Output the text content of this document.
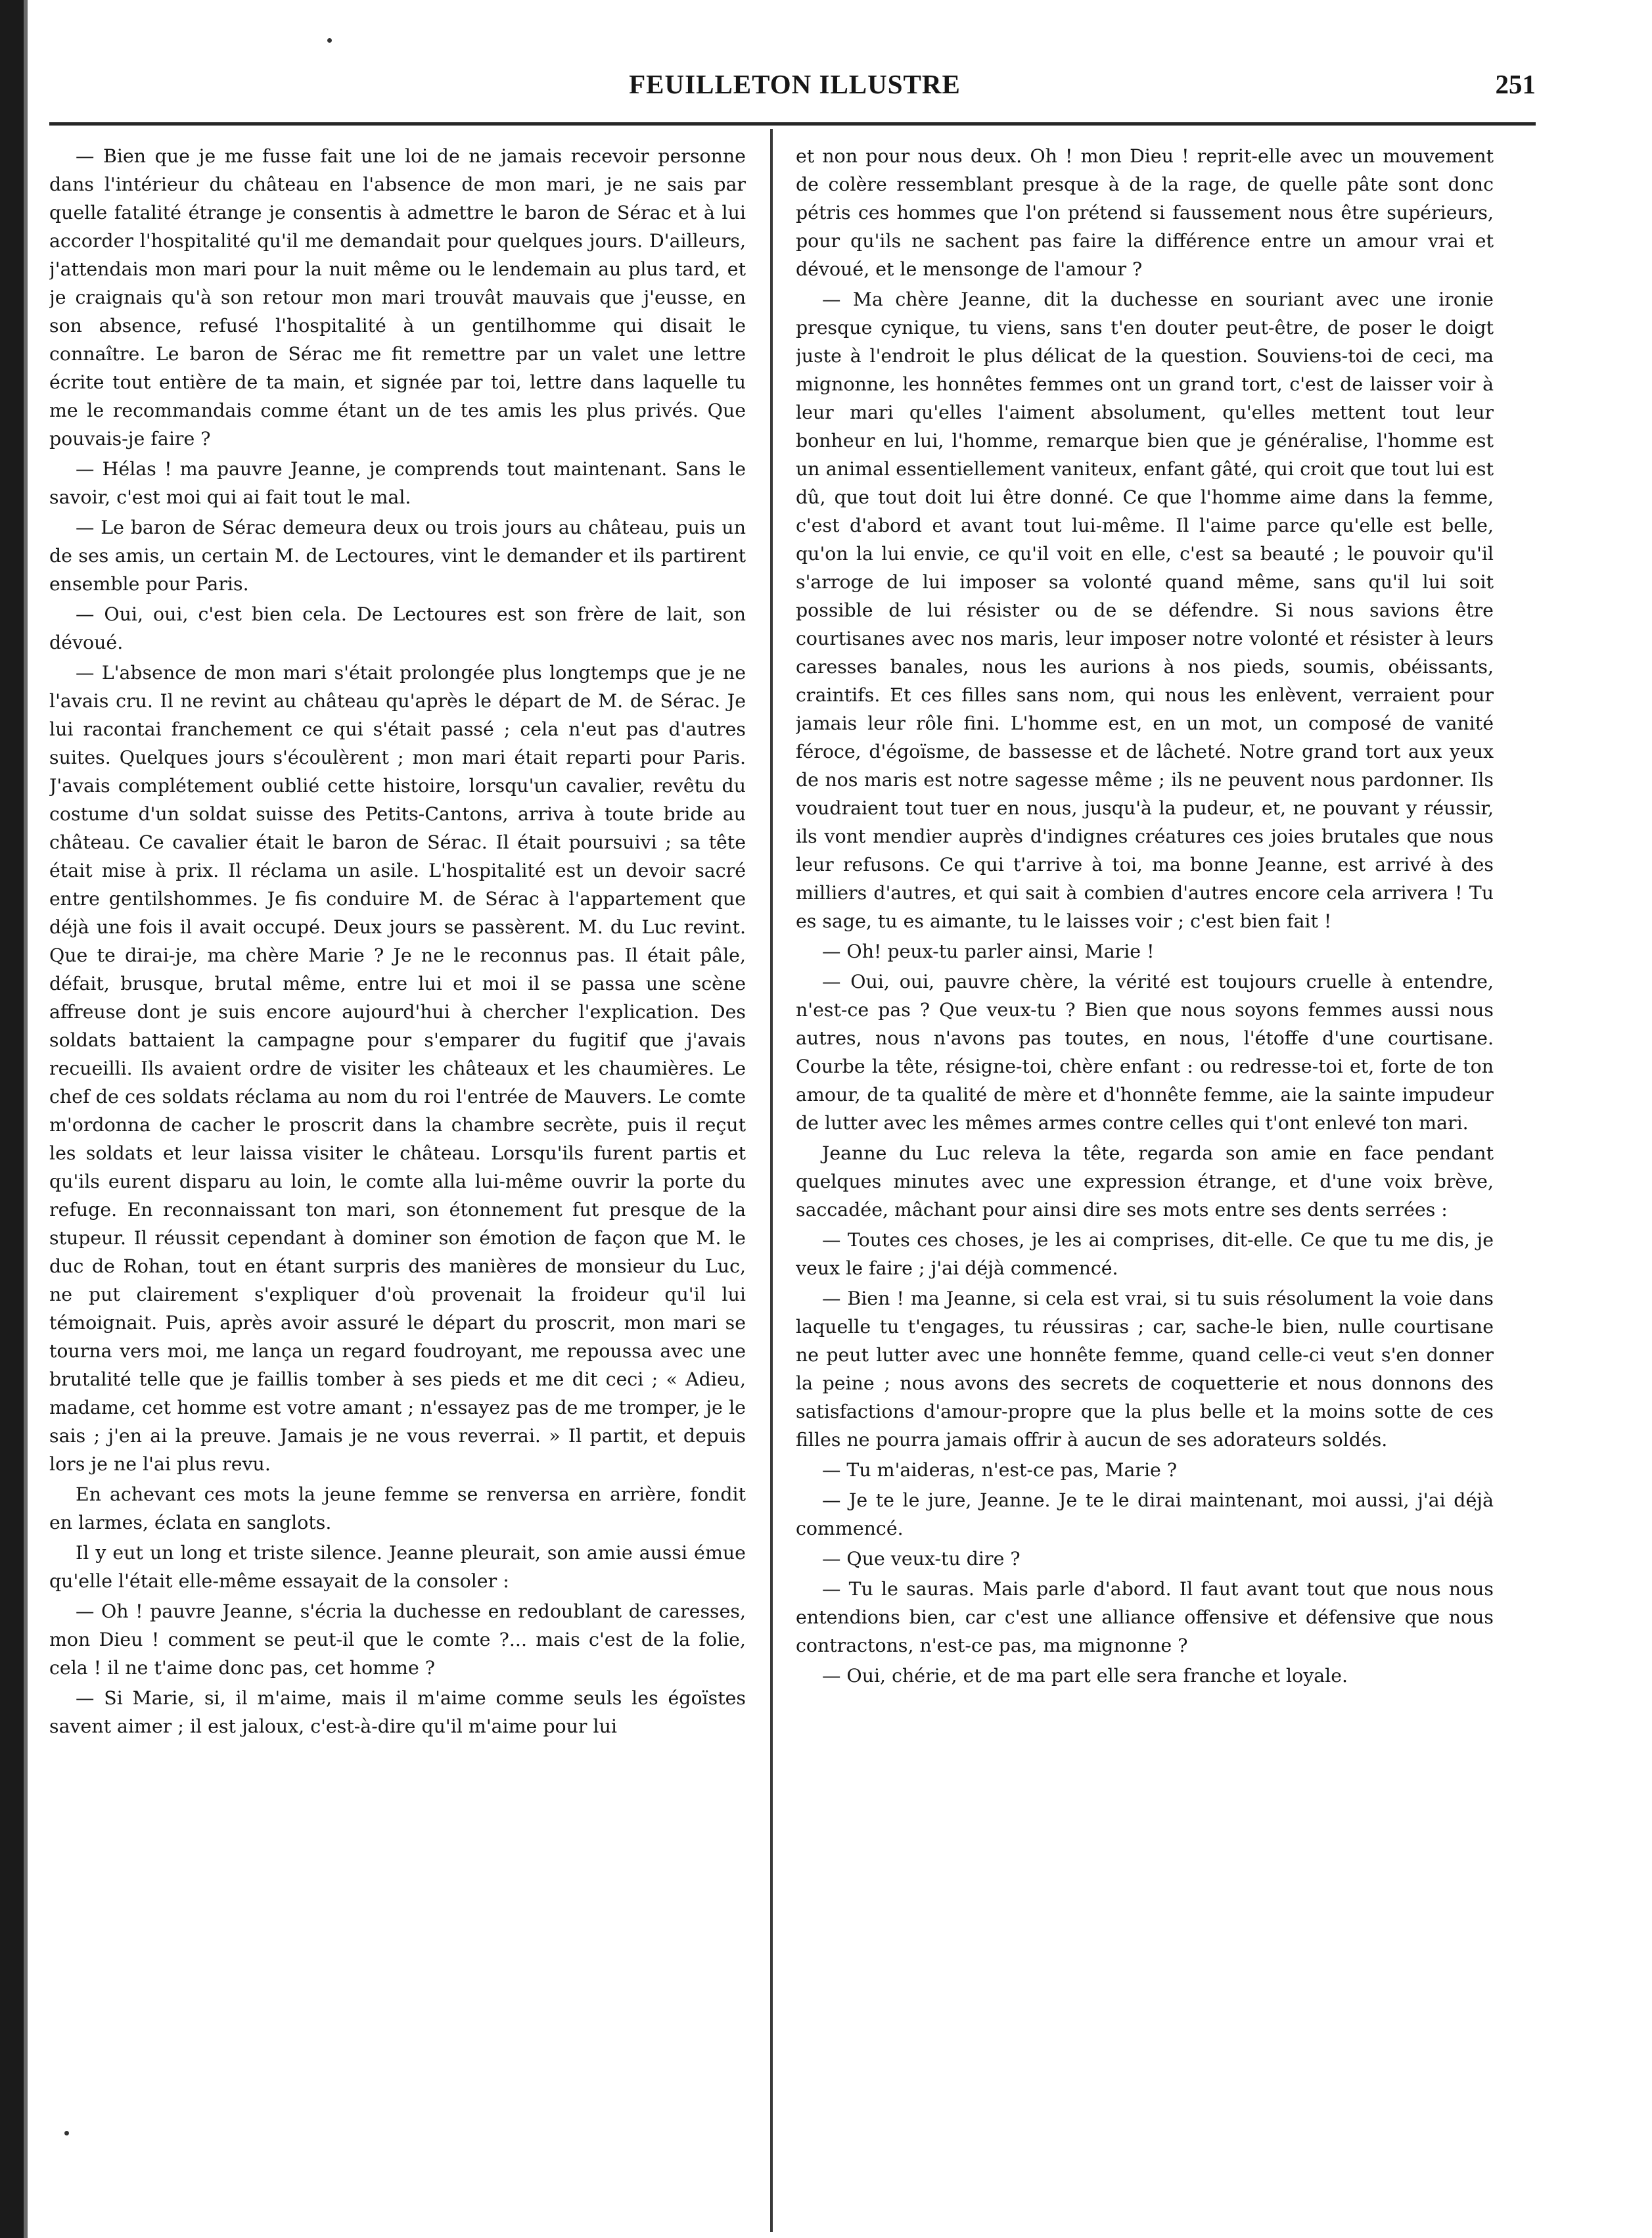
FEUILLETON ILLUSTRE	251

— Bien que je me fusse fait une loi de ne jamais recevoir personne dans l'intérieur du château en l'absence de mon mari, je ne sais par quelle fatalité étrange je consentis à admettre le baron de Sérac et à lui accorder l'hospitalité qu'il me demandait pour quelques jours. D'ailleurs, j'attendais mon mari pour la nuit même ou le lendemain au plus tard, et je craignais qu'à son retour mon mari trouvât mauvais que j'eusse, en son absence, refusé l'hospitalité à un gentilhomme qui disait le connaître. Le baron de Sérac me fit remettre par un valet une lettre écrite tout entière de ta main, et signée par toi, lettre dans laquelle tu me le recommandais comme étant un de tes amis les plus privés. Que pouvais-je faire ?

— Hélas ! ma pauvre Jeanne, je comprends tout maintenant. Sans le savoir, c'est moi qui ai fait tout le mal.

— Le baron de Sérac demeura deux ou trois jours au château, puis un de ses amis, un certain M. de Lectoures, vint le demander et ils partirent ensemble pour Paris.

— Oui, oui, c'est bien cela. De Lectoures est son frère de lait, son dévoué.

— L'absence de mon mari s'était prolongée plus longtemps que je ne l'avais cru. Il ne revint au château qu'après le départ de M. de Sérac. Je lui racontai franchement ce qui s'était passé ; cela n'eut pas d'autres suites. Quelques jours s'écoulèrent ; mon mari était reparti pour Paris. J'avais complétement oublié cette histoire, lorsqu'un cavalier, revêtu du costume d'un soldat suisse des Petits-Cantons, arriva à toute bride au château. Ce cavalier était le baron de Sérac. Il était poursuivi ; sa tête était mise à prix. Il réclama un asile. L'hospitalité est un devoir sacré entre gentilshommes. Je fis conduire M. de Sérac à l'appartement que déjà une fois il avait occupé. Deux jours se passèrent. M. du Luc revint. Que te dirai-je, ma chère Marie ? Je ne le reconnus pas. Il était pâle, défait, brusque, brutal même, entre lui et moi il se passa une scène affreuse dont je suis encore aujourd'hui à chercher l'explication. Des soldats battaient la campagne pour s'emparer du fugitif que j'avais recueilli. Ils avaient ordre de visiter les châteaux et les chaumières. Le chef de ces soldats réclama au nom du roi l'entrée de Mauvers. Le comte m'ordonna de cacher le proscrit dans la chambre secrète, puis il reçut les soldats et leur laissa visiter le château. Lorsqu'ils furent partis et qu'ils eurent disparu au loin, le comte alla lui-même ouvrir la porte du refuge. En reconnaissant ton mari, son étonnement fut presque de la stupeur. Il réussit cependant à dominer son émotion de façon que M. le duc de Rohan, tout en étant surpris des manières de monsieur du Luc, ne put clairement s'expliquer d'où provenait la froideur qu'il lui témoignait. Puis, après avoir assuré le départ du proscrit, mon mari se tourna vers moi, me lança un regard foudroyant, me repoussa avec une brutalité telle que je faillis tomber à ses pieds et me dit ceci ; « Adieu, madame, cet homme est votre amant ; n'essayez pas de me tromper, je le sais ; j'en ai la preuve. Jamais je ne vous reverrai. » Il partit, et depuis lors je ne l'ai plus revu.

En achevant ces mots la jeune femme se renversa en arrière, fondit en larmes, éclata en sanglots.

Il y eut un long et triste silence. Jeanne pleurait, son amie aussi émue qu'elle l'était elle-même essayait de la consoler :

— Oh ! pauvre Jeanne, s'écria la duchesse en redoublant de caresses, mon Dieu ! comment se peut-il que le comte ?... mais c'est de la folie, cela ! il ne t'aime donc pas, cet homme ?

— Si Marie, si, il m'aime, mais il m'aime comme seuls les égoïstes savent aimer ; il est jaloux, c'est-à-dire qu'il m'aime pour lui

et non pour nous deux. Oh ! mon Dieu ! reprit-elle avec un mouvement de colère ressemblant presque à de la rage, de quelle pâte sont donc pétris ces hommes que l'on prétend si faussement nous être supérieurs, pour qu'ils ne sachent pas faire la différence entre un amour vrai et dévoué, et le mensonge de l'amour ?

— Ma chère Jeanne, dit la duchesse en souriant avec une ironie presque cynique, tu viens, sans t'en douter peut-être, de poser le doigt juste à l'endroit le plus délicat de la question. Souviens-toi de ceci, ma mignonne, les honnêtes femmes ont un grand tort, c'est de laisser voir à leur mari qu'elles l'aiment absolument, qu'elles mettent tout leur bonheur en lui, l'homme, remarque bien que je généralise, l'homme est un animal essentiellement vaniteux, enfant gâté, qui croit que tout lui est dû, que tout doit lui être donné. Ce que l'homme aime dans la femme, c'est d'abord et avant tout lui-même. Il l'aime parce qu'elle est belle, qu'on la lui envie, ce qu'il voit en elle, c'est sa beauté ; le pouvoir qu'il s'arroge de lui imposer sa volonté quand même, sans qu'il lui soit possible de lui résister ou de se défendre. Si nous savions être courtisanes avec nos maris, leur imposer notre volonté et résister à leurs caresses banales, nous les aurions à nos pieds, soumis, obéissants, craintifs. Et ces filles sans nom, qui nous les enlèvent, verraient pour jamais leur rôle fini. L'homme est, en un mot, un composé de vanité féroce, d'égoïsme, de bassesse et de lâcheté. Notre grand tort aux yeux de nos maris est notre sagesse même ; ils ne peuvent nous pardonner. Ils voudraient tout tuer en nous, jusqu'à la pudeur, et, ne pouvant y réussir, ils vont mendier auprès d'indignes créatures ces joies brutales que nous leur refusons. Ce qui t'arrive à toi, ma bonne Jeanne, est arrivé à des milliers d'autres, et qui sait à combien d'autres encore cela arrivera ! Tu es sage, tu es aimante, tu le laisses voir ; c'est bien fait !

— Oh! peux-tu parler ainsi, Marie !

— Oui, oui, pauvre chère, la vérité est toujours cruelle à entendre, n'est-ce pas ? Que veux-tu ? Bien que nous soyons femmes aussi nous autres, nous n'avons pas toutes, en nous, l'étoffe d'une courtisane. Courbe la tête, résigne-toi, chère enfant : ou redresse-toi et, forte de ton amour, de ta qualité de mère et d'honnête femme, aie la sainte impudeur de lutter avec les mêmes armes contre celles qui t'ont enlevé ton mari.

Jeanne du Luc releva la tête, regarda son amie en face pendant quelques minutes avec une expression étrange, et d'une voix brève, saccadée, mâchant pour ainsi dire ses mots entre ses dents serrées :

— Toutes ces choses, je les ai comprises, dit-elle. Ce que tu me dis, je veux le faire ; j'ai déjà commencé.

— Bien ! ma Jeanne, si cela est vrai, si tu suis résolument la voie dans laquelle tu t'engages, tu réussiras ; car, sache-le bien, nulle courtisane ne peut lutter avec une honnête femme, quand celle-ci veut s'en donner la peine ; nous avons des secrets de coquetterie et nous donnons des satisfactions d'amour-propre que la plus belle et la moins sotte de ces filles ne pourra jamais offrir à aucun de ses adorateurs soldés.

— Tu m'aideras, n'est-ce pas, Marie ?

— Je te le jure, Jeanne. Je te le dirai maintenant, moi aussi, j'ai déjà commencé.

— Que veux-tu dire ?

— Tu le sauras. Mais parle d'abord. Il faut avant tout que nous nous entendions bien, car c'est une alliance offensive et défensive que nous contractons, n'est-ce pas, ma mignonne ?

— Oui, chérie, et de ma part elle sera franche et loyale.
